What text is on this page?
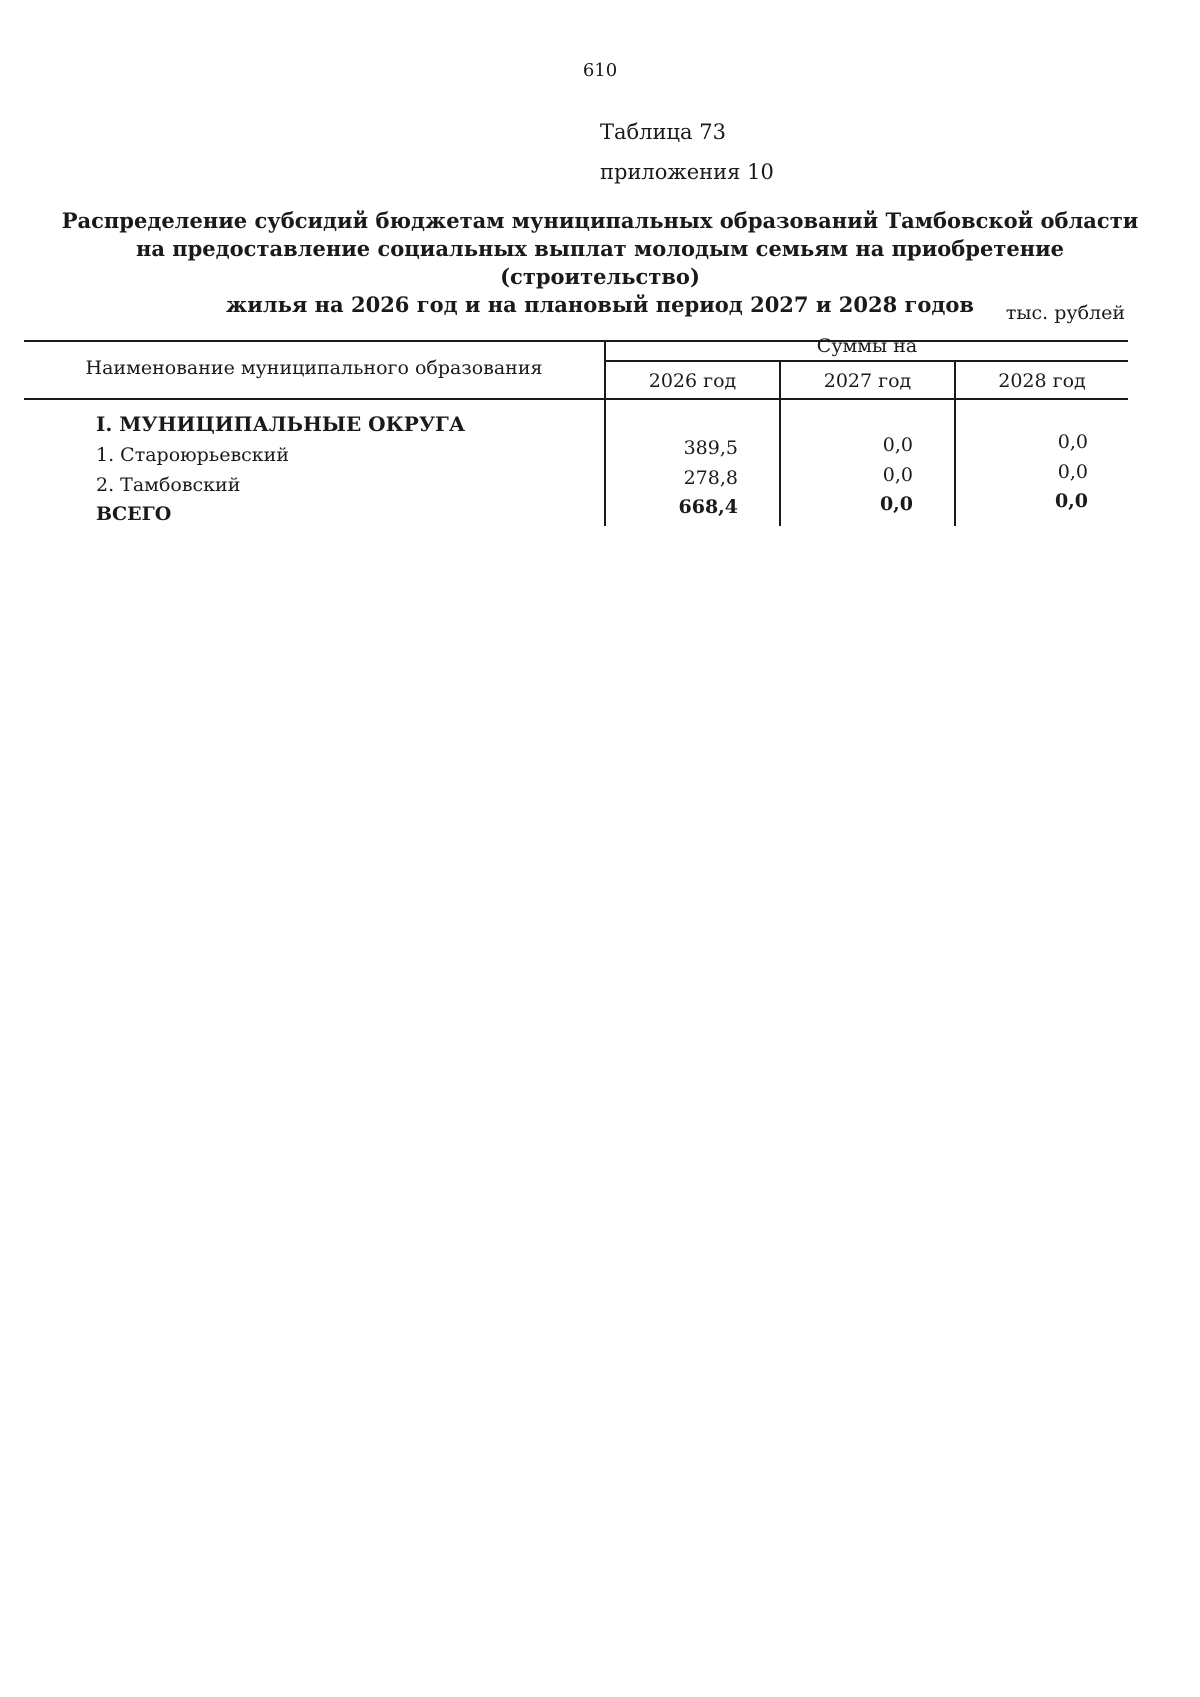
610
Таблица 73
приложения 10
Распределение субсидий бюджетам муниципальных образований Тамбовской области
на предоставление социальных выплат молодым семьям на приобретение (строительство)
жилья на 2026 год и на плановый период 2027 и 2028 годов	тыс. рублей
Наименование муниципального образования
Суммы на
2026 год	2027 год	2028 год
I. МУНИЦИПАЛЬНЫЕ ОКРУГА
1. Староюрьевский	389,5	0,0	0,0
2. Тамбовский	278,8	0,0	0,0
ВСЕГО	668,4	0,0	0,0
